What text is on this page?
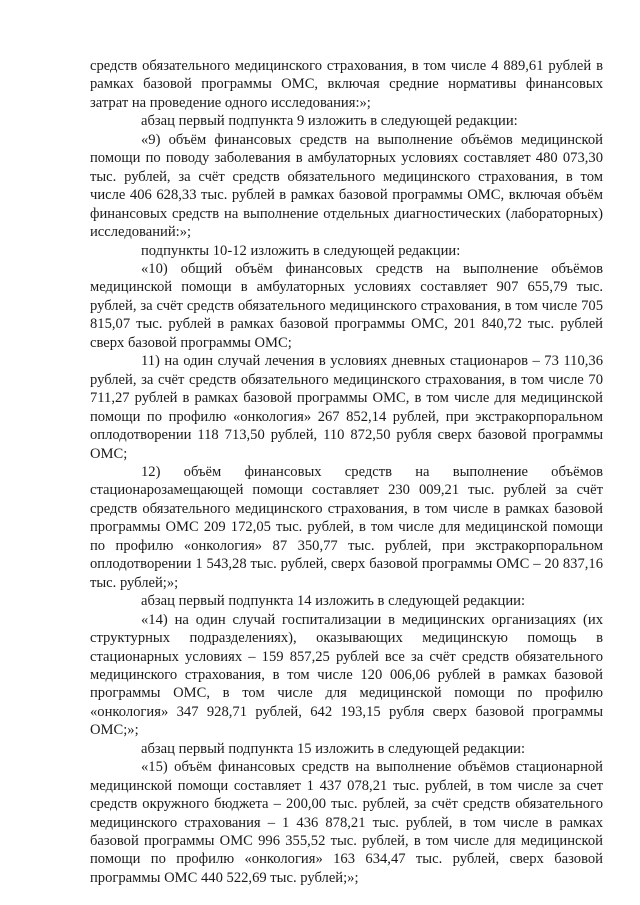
средств обязательного медицинского страхования, в том числе 4 889,61 рублей в рамках базовой программы ОМС, включая средние нормативы финансовых затрат на проведение одного исследования:»;

абзац первый подпункта 9 изложить в следующей редакции:

«9) объём финансовых средств на выполнение объёмов медицинской помощи по поводу заболевания в амбулаторных условиях составляет 480 073,30 тыс. рублей, за счёт средств обязательного медицинского страхования, в том числе 406 628,33 тыс. рублей в рамках базовой программы ОМС, включая объём финансовых средств на выполнение отдельных диагностических (лабораторных) исследований:»;

подпункты 10-12 изложить в следующей редакции:

«10) общий объём финансовых средств на выполнение объёмов медицинской помощи в амбулаторных условиях составляет 907 655,79 тыс. рублей, за счёт средств обязательного медицинского страхования, в том числе 705 815,07 тыс. рублей в рамках базовой программы ОМС, 201 840,72 тыс. рублей сверх базовой программы ОМС;

11) на один случай лечения в условиях дневных стационаров – 73 110,36 рублей, за счёт средств обязательного медицинского страхования, в том числе 70 711,27 рублей в рамках базовой программы ОМС, в том числе для медицинской помощи по профилю «онкология» 267 852,14 рублей, при экстракорпоральном оплодотворении 118 713,50 рублей, 110 872,50 рубля сверх базовой программы ОМС;

12) объём финансовых средств на выполнение объёмов стационарозамещающей помощи составляет 230 009,21 тыс. рублей за счёт средств обязательного медицинского страхования, в том числе в рамках базовой программы ОМС 209 172,05 тыс. рублей, в том числе для медицинской помощи по профилю «онкология» 87 350,77 тыс. рублей, при экстракорпоральном оплодотворении 1 543,28 тыс. рублей, сверх базовой программы ОМС – 20 837,16 тыс. рублей;»;

абзац первый подпункта 14 изложить в следующей редакции:

«14) на один случай госпитализации в медицинских организациях (их структурных подразделениях), оказывающих медицинскую помощь в стационарных условиях – 159 857,25 рублей все за счёт средств обязательного медицинского страхования, в том числе 120 006,06 рублей в рамках базовой программы ОМС, в том числе для медицинской помощи по профилю «онкология» 347 928,71 рублей, 642 193,15 рубля сверх базовой программы ОМС;»;

абзац первый подпункта 15 изложить в следующей редакции:

«15) объём финансовых средств на выполнение объёмов стационарной медицинской помощи составляет 1 437 078,21 тыс. рублей, в том числе за счет средств окружного бюджета – 200,00 тыс. рублей, за счёт средств обязательного медицинского страхования – 1 436 878,21 тыс. рублей, в том числе в рамках базовой программы ОМС 996 355,52 тыс. рублей, в том числе для медицинской помощи по профилю «онкология» 163 634,47 тыс. рублей, сверх базовой программы ОМС 440 522,69 тыс. рублей;»;
